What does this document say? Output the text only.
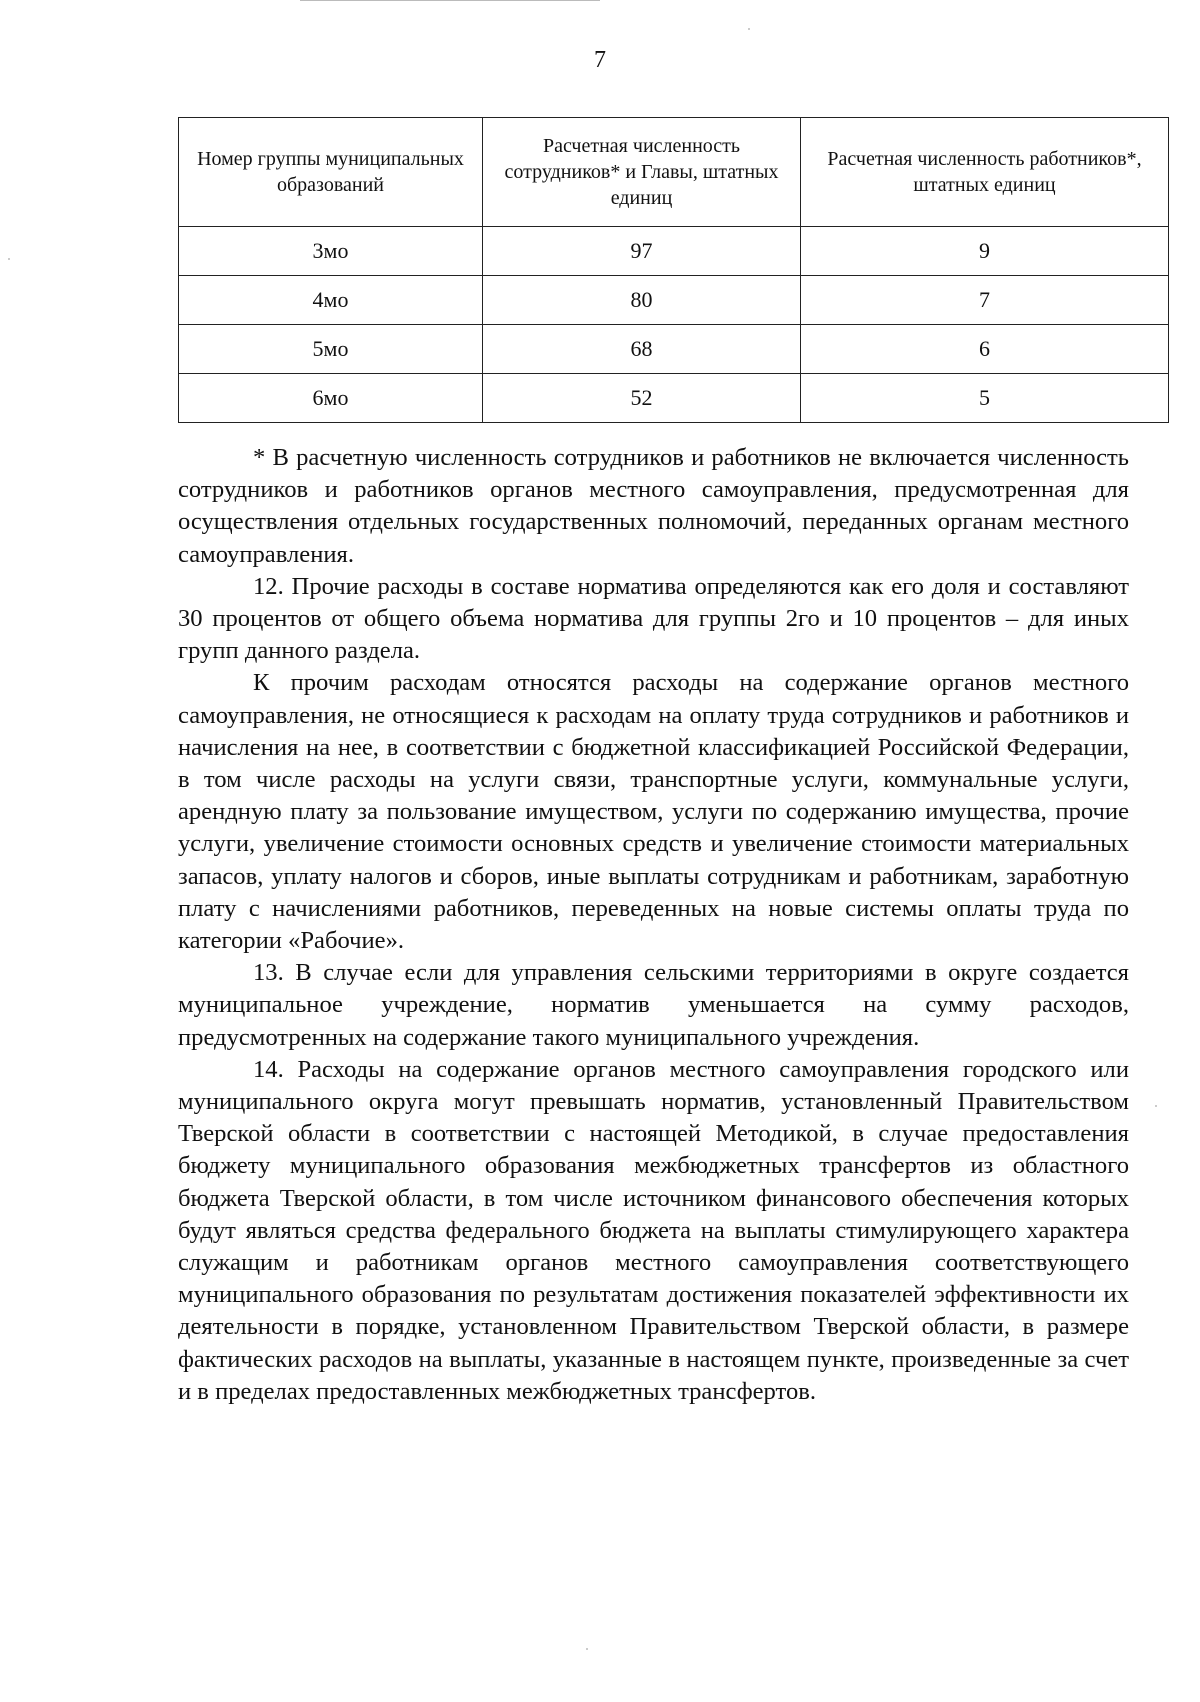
7
Номер группы муниципальных образований	Расчетная численность сотрудников* и Главы, штатных единиц	Расчетная численность работников*, штатных единиц
3мо	97	9
4мо	80	7
5мо	68	6
6мо	52	5

* В расчетную численность сотрудников и работников не включается численность сотрудников и работников органов местного самоуправления, предусмотренная для осуществления отдельных государственных полномочий, переданных органам местного самоуправления.

12. Прочие расходы в составе норматива определяются как его доля и составляют 30 процентов от общего объема норматива для группы 2го и 10 процентов – для иных групп данного раздела.

К прочим расходам относятся расходы на содержание органов местного самоуправления, не относящиеся к расходам на оплату труда сотрудников и работников и начисления на нее, в соответствии с бюджетной классификацией Российской Федерации, в том числе расходы на услуги связи, транспортные услуги, коммунальные услуги, арендную плату за пользование имуществом, услуги по содержанию имущества, прочие услуги, увеличение стоимости основных средств и увеличение стоимости материальных запасов, уплату налогов и сборов, иные выплаты сотрудникам и работникам, заработную плату с начислениями работников, переведенных на новые системы оплаты труда по категории «Рабочие».

13. В случае если для управления сельскими территориями в округе создается муниципальное учреждение, норматив уменьшается на сумму расходов, предусмотренных на содержание такого муниципального учреждения.

14. Расходы на содержание органов местного самоуправления городского или муниципального округа могут превышать норматив, установленный Правительством Тверской области в соответствии с настоящей Методикой, в случае предоставления бюджету муниципального образования межбюджетных трансфертов из областного бюджета Тверской области, в том числе источником финансового обеспечения которых будут являться средства федерального бюджета на выплаты стимулирующего характера служащим и работникам органов местного самоуправления соответствующего муниципального образования по результатам достижения показателей эффективности их деятельности в порядке, установленном Правительством Тверской области, в размере фактических расходов на выплаты, указанные в настоящем пункте, произведенные за счет и в пределах предоставленных межбюджетных трансфертов.
